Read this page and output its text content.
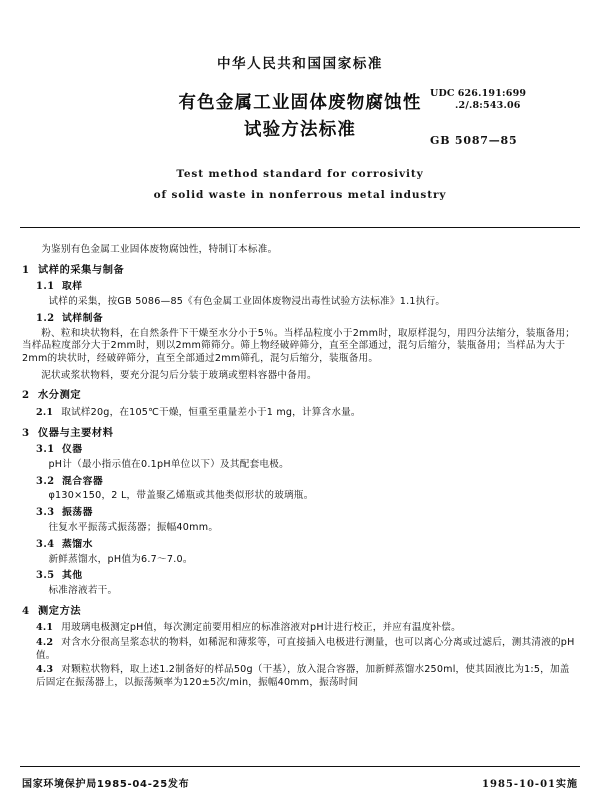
中华人民共和国国家标准
有色金属工业固体废物腐蚀性
试验方法标准
UDC 626.191:699
.2/.8:543.06
GB 5087—85
Test method standard for corrosivity
of solid waste in nonferrous metal industry

为鉴别有色金属工业固体废物腐蚀性，特制订本标准。

1 试样的采集与制备
1.1 取样

试样的采集，按GB 5086—85《有色金属工业固体废物浸出毒性试验方法标准》1.1执行。

1.2 试样制备

粉、粒和块状物料，在自然条件下干燥至水分小于5％。当样品粒度小于2mm时，取原样混匀，用四分法缩分，装瓶备用；当样品粒度部分大于2mm时，则以2mm筛筛分。筛上物经破碎筛分，直至全部通过，混匀后缩分，装瓶备用；当样品为大于2mm的块状时，经破碎筛分，直至全部通过2mm筛孔，混匀后缩分，装瓶备用。

泥状或浆状物料，要充分混匀后分装于玻璃或塑料容器中备用。

2 水分测定

2.1 取试样20g，在105℃干燥，恒重至重量差小于1 mg，计算含水量。

3 仪器与主要材料
3.1 仪器

pH计（最小指示值在0.1pH单位以下）及其配套电极。

3.2 混合容器

φ130×150，2 L，带盖聚乙烯瓶或其他类似形状的玻璃瓶。

3.3 振荡器

往复水平振荡式振荡器；振幅40mm。

3.4 蒸馏水

新鲜蒸馏水，pH值为6.7～7.0。

3.5 其他

标准溶液若干。

4 测定方法

4.1 用玻璃电极测定pH值，每次测定前要用相应的标准溶液对pH计进行校正，并应有温度补偿。

4.2 对含水分很高呈浆态状的物料，如稀泥和薄浆等，可直接插入电极进行测量，也可以离心分离或过滤后，测其清液的pH值。

4.3 对颗粒状物料，取上述1.2制备好的样品50g（干基），放入混合容器，加新鲜蒸馏水250ml，使其固液比为1:5，加盖后固定在振荡器上，以振荡频率为120±5次/min，振幅40mm，振荡时间

国家环境保护局1985-04-25发布	1985-10-01实施
